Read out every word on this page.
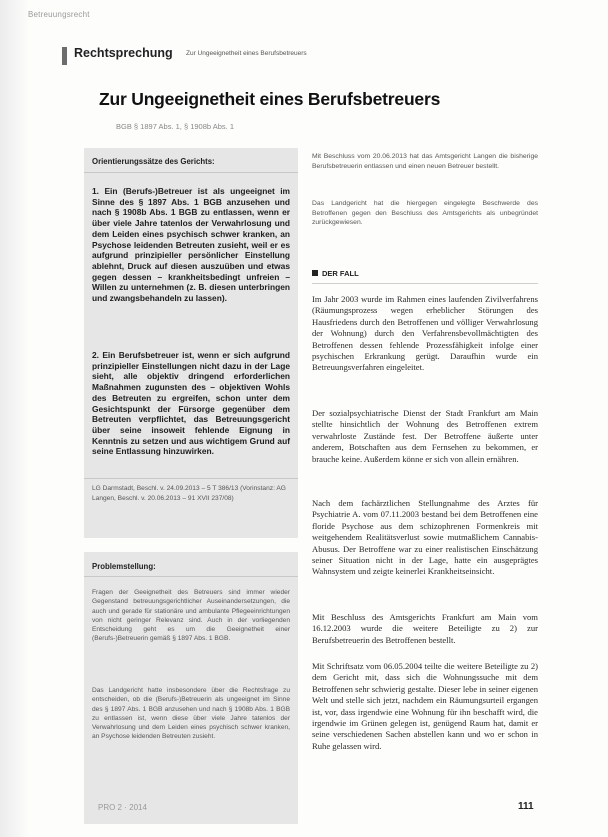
Betreuungsrecht
Rechtsprechung Zur Ungeeignetheit eines Berufsbetreuers
Zur Ungeeignetheit eines Berufsbetreuers
BGB § 1897 Abs. 1, § 1908b Abs. 1
Orientierungssätze des Gerichts:
1. Ein (Berufs-)Betreuer ist als ungeeignet im Sinne des § 1897 Abs. 1 BGB anzusehen und nach § 1908b Abs. 1 BGB zu entlassen, wenn er über viele Jahre tatenlos der Verwahrlosung und dem Leiden eines psychisch schwer kranken, an Psychose leidenden Betreuten zusieht, weil er es aufgrund prinzipieller persönlicher Einstellung ablehnt, Druck auf diesen auszuüben und etwas gegen dessen – krankheitsbedingt unfreien – Willen zu unternehmen (z. B. diesen unterbringen und zwangsbehandeln zu lassen).
2. Ein Berufsbetreuer ist, wenn er sich aufgrund prinzipieller Einstellungen nicht dazu in der Lage sieht, alle objektiv dringend erforderlichen Maßnahmen zugunsten des – objektiven Wohls des Betreuten zu ergreifen, schon unter dem Gesichtspunkt der Fürsorge gegenüber dem Betreuten verpflichtet, das Betreuungsgericht über seine insoweit fehlende Eignung in Kenntnis zu setzen und aus wichtigem Grund auf seine Entlassung hinzuwirken.
LG Darmstadt, Beschl. v. 24.09.2013 – 5 T 386/13 (Vorinstanz: AG Langen, Beschl. v. 20.06.2013 – 91 XVII 237/08)
Problemstellung:
Fragen der Geeignetheit des Betreuers sind immer wieder Gegenstand betreuungsgerichtlicher Auseinandersetzungen, die auch und gerade für stationäre und ambulante Pflegeeinrichtungen von nicht geringer Relevanz sind. Auch in der vorliegenden Entscheidung geht es um die Geeignetheit einer (Berufs-)Betreuerin gemäß § 1897 Abs. 1 BGB.
Das Landgericht hatte insbesondere über die Rechtsfrage zu entscheiden, ob die (Berufs-)Betreuerin als ungeeignet im Sinne des § 1897 Abs. 1 BGB anzusehen und nach § 1908b Abs. 1 BGB zu entlassen ist, wenn diese über viele Jahre tatenlos der Verwahrlosung und dem Leiden eines psychisch schwer kranken, an Psychose leidenden Betreuten zusieht.
Mit Beschluss vom 20.06.2013 hat das Amtsgericht Langen die bisherige Berufsbetreuerin entlassen und einen neuen Betreuer bestellt.
Das Landgericht hat die hiergegen eingelegte Beschwerde des Betroffenen gegen den Beschluss des Amtsgerichts als unbegründet zurückgewiesen.
DER FALL
Im Jahr 2003 wurde im Rahmen eines laufenden Zivilverfahrens (Räumungsprozess wegen erheblicher Störungen des Hausfriedens durch den Betroffenen und völliger Verwahrlosung der Wohnung) durch den Verfahrensbevollmächtigten des Betroffenen dessen fehlende Prozessfähigkeit infolge einer psychischen Erkrankung gerügt. Daraufhin wurde ein Betreuungsverfahren eingeleitet.
Der sozialpsychiatrische Dienst der Stadt Frankfurt am Main stellte hinsichtlich der Wohnung des Betroffenen extrem verwahrloste Zustände fest. Der Betroffene äußerte unter anderem, Botschaften aus dem Fernsehen zu bekommen, er brauche keine. Außerdem könne er sich von allein ernähren.
Nach dem fachärztlichen Stellungnahme des Arztes für Psychiatrie A. vom 07.11.2003 bestand bei dem Betroffenen eine floride Psychose aus dem schizophrenen Formenkreis mit weitgehendem Realitätsverlust sowie mutmaßlichem Cannabis-Abusus. Der Betroffene war zu einer realistischen Einschätzung seiner Situation nicht in der Lage, hatte ein ausgeprägtes Wahnsystem und zeigte keinerlei Krankheitseinsicht.
Mit Beschluss des Amtsgerichts Frankfurt am Main vom 16.12.2003 wurde die weitere Beteiligte zu 2) zur Berufsbetreuerin des Betroffenen bestellt.
Mit Schriftsatz vom 06.05.2004 teilte die weitere Beteiligte zu 2) dem Gericht mit, dass sich die Wohnungssuche mit dem Betroffenen sehr schwierig gestalte. Dieser lebe in seiner eigenen Welt und stelle sich jetzt, nachdem ein Räumungsurteil ergangen ist, vor, dass irgendwie eine Wohnung für ihn beschafft wird, die irgendwie im Grünen gelegen ist, genügend Raum hat, damit er seine verschiedenen Sachen abstellen kann und wo er schon in Ruhe gelassen wird.
PRO 2 · 2014	111
